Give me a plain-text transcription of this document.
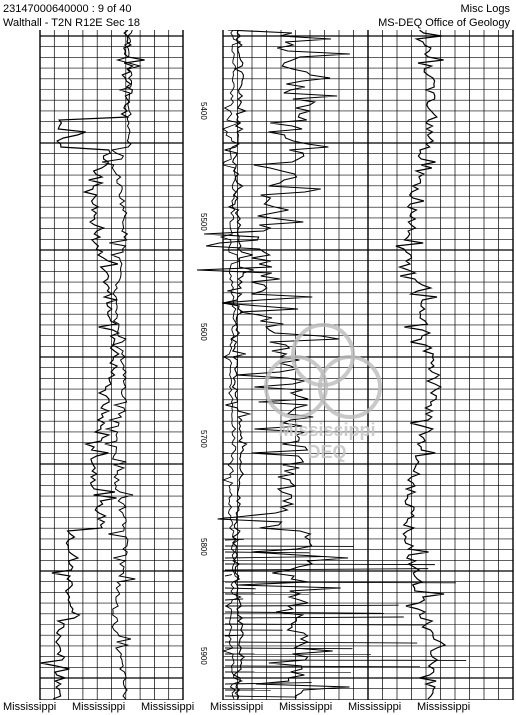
23147000640000 : 9 of 40
Walthall - T2N R12E Sec 18
Misc Logs
MS-DEQ Office of Geology
5400
5500
5600
5700
5800
5900
Mississippi
DEQ
Mississippi Mississippi Mississippi Mississippi Mississippi Mississippi Mississippi
